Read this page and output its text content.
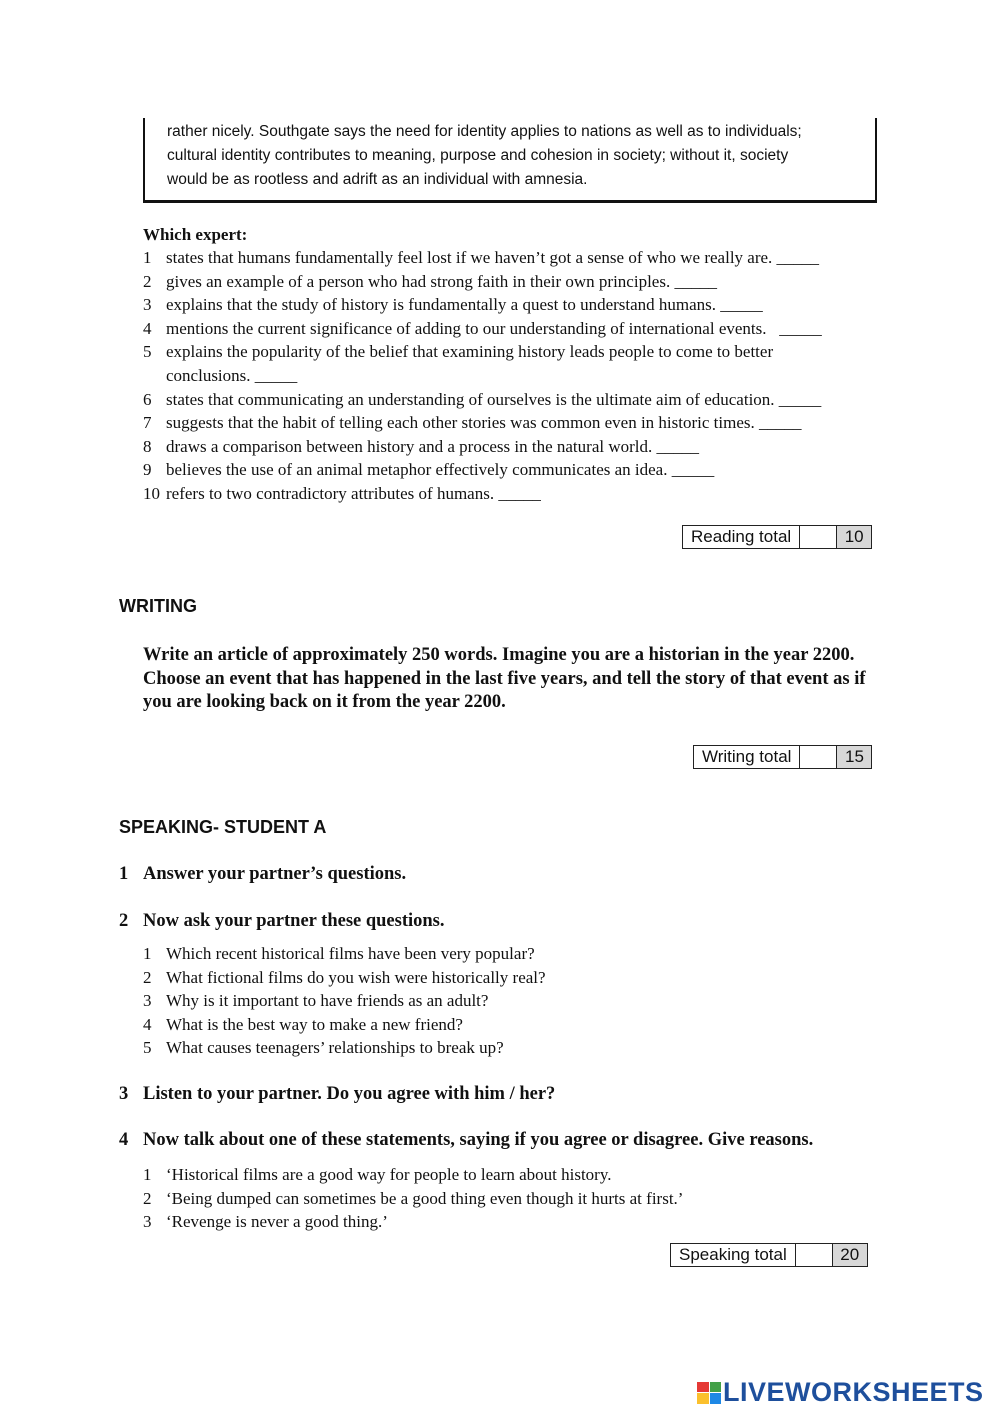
rather nicely. Southgate says the need for identity applies to nations as well as to individuals;

cultural identity contributes to meaning, purpose and cohesion in society; without it, society

would be as rootless and adrift as an individual with amnesia.

Which expert:
1 states that humans fundamentally feel lost if we haven’t got a sense of who we really are. _____
2 gives an example of a person who had strong faith in their own principles. _____
3 explains that the study of history is fundamentally a quest to understand humans. _____
4 mentions the current significance of adding to our understanding of international events.   _____
5 explains the popularity of the belief that examining history leads people to come to better conclusions. _____
6 states that communicating an understanding of ourselves is the ultimate aim of education. _____
7 suggests that the habit of telling each other stories was common even in historic times. _____
8 draws a comparison between history and a process in the natural world. _____
9 believes the use of an animal metaphor effectively communicates an idea. _____
10 refers to two contradictory attributes of humans. _____
Reading total	10
WRITING
Write an article of approximately 250 words. Imagine you are a historian in the year 2200. Choose an event that has happened in the last five years, and tell the story of that event as if you are looking back on it from the year 2200.
Writing total	15
SPEAKING- STUDENT A
1 Answer your partner’s questions.
2 Now ask your partner these questions.
1 Which recent historical films have been very popular?
2 What fictional films do you wish were historically real?
3 Why is it important to have friends as an adult?
4 What is the best way to make a new friend?
5 What causes teenagers’ relationships to break up?
3 Listen to your partner. Do you agree with him / her?
4 Now talk about one of these statements, saying if you agree or disagree. Give reasons.
1 ‘Historical films are a good way for people to learn about history.
2 ‘Being dumped can sometimes be a good thing even though it hurts at first.’
3 ‘Revenge is never a good thing.’
Speaking total	20
LIVEWORKSHEETS
